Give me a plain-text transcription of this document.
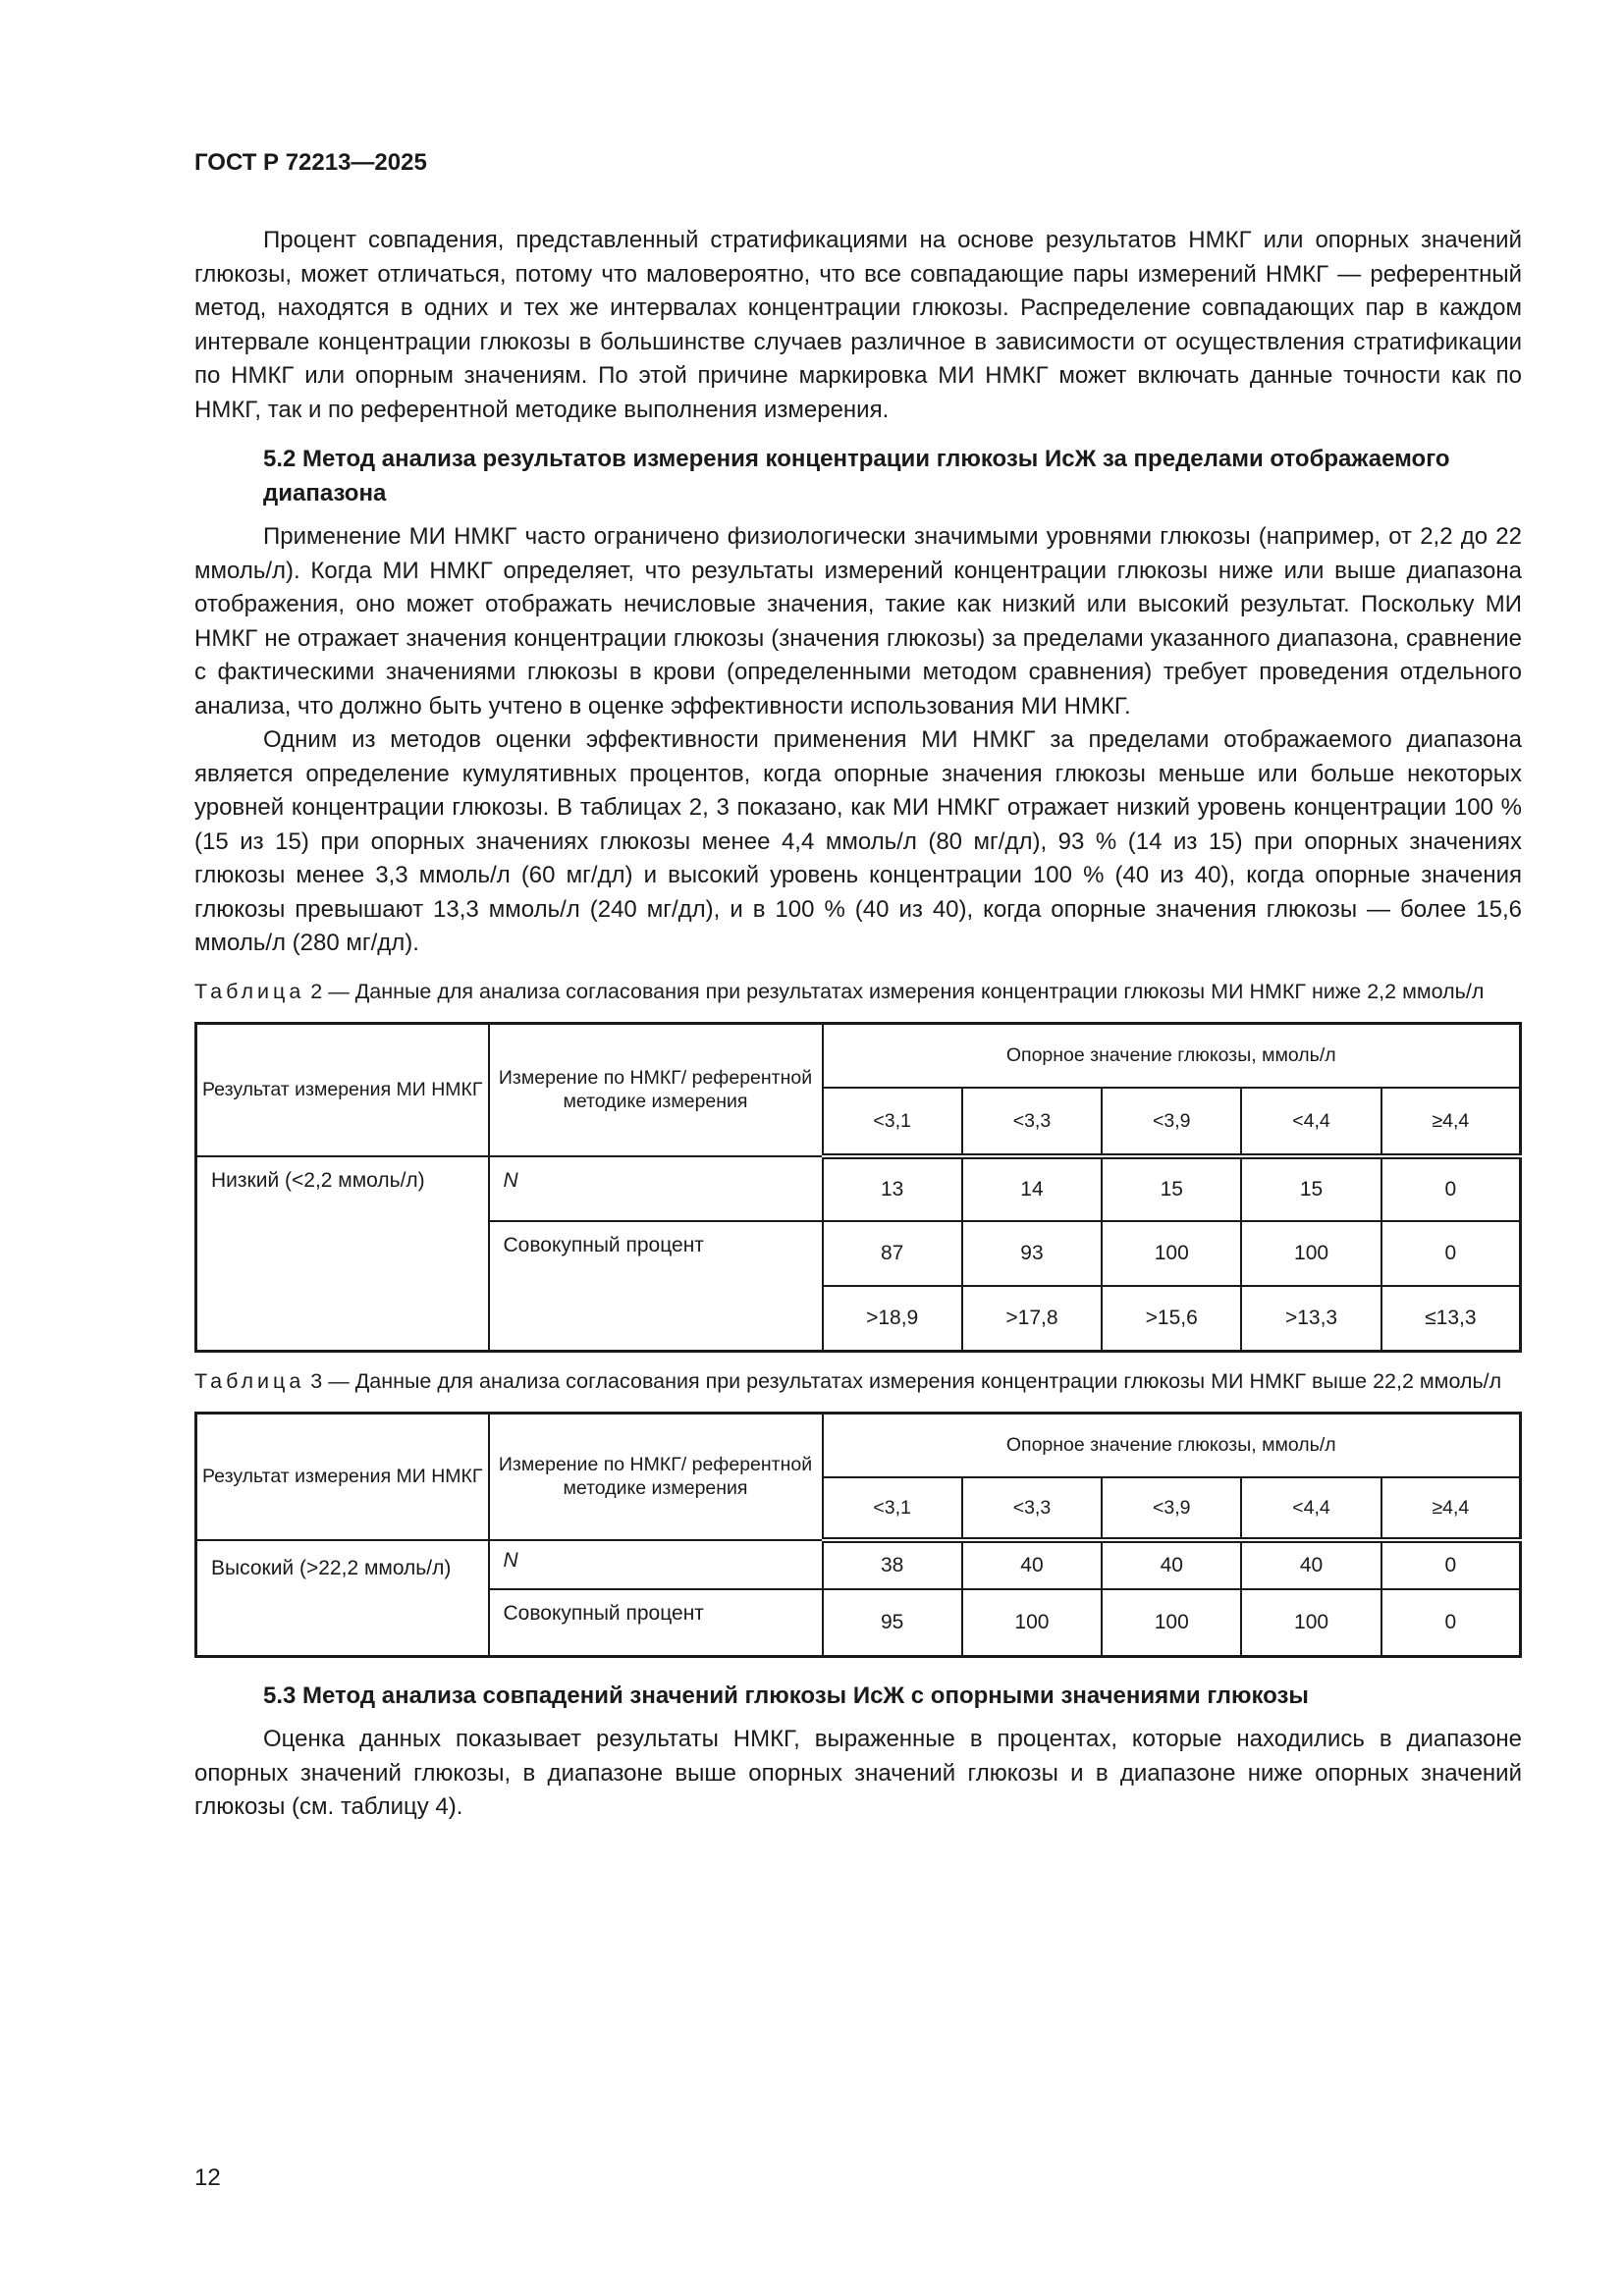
ГОСТ Р 72213—2025

Процент совпадения, представленный стратификациями на основе результатов НМКГ или опорных значений глюкозы, может отличаться, потому что маловероятно, что все совпадающие пары измерений НМКГ — референтный метод, находятся в одних и тех же интервалах концентрации глюкозы. Распределение совпадающих пар в каждом интервале концентрации глюкозы в большинстве случаев различное в зависимости от осуществления стратификации по НМКГ или опорным значениям. По этой причине маркировка МИ НМКГ может включать данные точности как по НМКГ, так и по референтной методике выполнения измерения.

5.2 Метод анализа результатов измерения концентрации глюкозы ИсЖ за пределами отображаемого диапазона

Применение МИ НМКГ часто ограничено физиологически значимыми уровнями глюкозы (например, от 2,2 до 22 ммоль/л). Когда МИ НМКГ определяет, что результаты измерений концентрации глюкозы ниже или выше диапазона отображения, оно может отображать нечисловые значения, такие как низкий или высокий результат. Поскольку МИ НМКГ не отражает значения концентрации глюкозы (значения глюкозы) за пределами указанного диапазона, сравнение с фактическими значениями глюкозы в крови (определенными методом сравнения) требует проведения отдельного анализа, что должно быть учтено в оценке эффективности использования МИ НМКГ.

Одним из методов оценки эффективности применения МИ НМКГ за пределами отображаемого диапазона является определение кумулятивных процентов, когда опорные значения глюкозы меньше или больше некоторых уровней концентрации глюкозы. В таблицах 2, 3 показано, как МИ НМКГ отражает низкий уровень концентрации 100 % (15 из 15) при опорных значениях глюкозы менее 4,4 ммоль/л (80 мг/дл), 93 % (14 из 15) при опорных значениях глюкозы менее 3,3 ммоль/л (60 мг/дл) и высокий уровень концентрации 100 % (40 из 40), когда опорные значения глюкозы превышают 13,3 ммоль/л (240 мг/дл), и в 100 % (40 из 40), когда опорные значения глюкозы — более 15,6 ммоль/л (280 мг/дл).

Таблица 2 — Данные для анализа согласования при результатах измерения концентрации глюкозы МИ НМКГ ниже 2,2 ммоль/л

Результат измерения МИ НМКГ	Измерение по НМКГ/ референтной методике измерения	Опорное значение глюкозы, ммоль/л				
		<3,1	<3,3	<3,9	<4,4	≥4,4
Низкий (<2,2 ммоль/л)	N	13	14	15	15	0
	Совокупный процент	87	93	100	100	0
		>18,9	>17,8	>15,6	>13,3	≤13,3

Таблица 3 — Данные для анализа согласования при результатах измерения концентрации глюкозы МИ НМКГ выше 22,2 ммоль/л

Результат измерения МИ НМКГ	Измерение по НМКГ/ референтной методике измерения	Опорное значение глюкозы, ммоль/л				
		<3,1	<3,3	<3,9	<4,4	≥4,4
Высокий (>22,2 ммоль/л)	N	38	40	40	40	0
	Совокупный процент	95	100	100	100	0

5.3 Метод анализа совпадений значений глюкозы ИсЖ с опорными значениями глюкозы

Оценка данных показывает результаты НМКГ, выраженные в процентах, которые находились в диапазоне опорных значений глюкозы, в диапазоне выше опорных значений глюкозы и в диапазоне ниже опорных значений глюкозы (см. таблицу 4).

12
